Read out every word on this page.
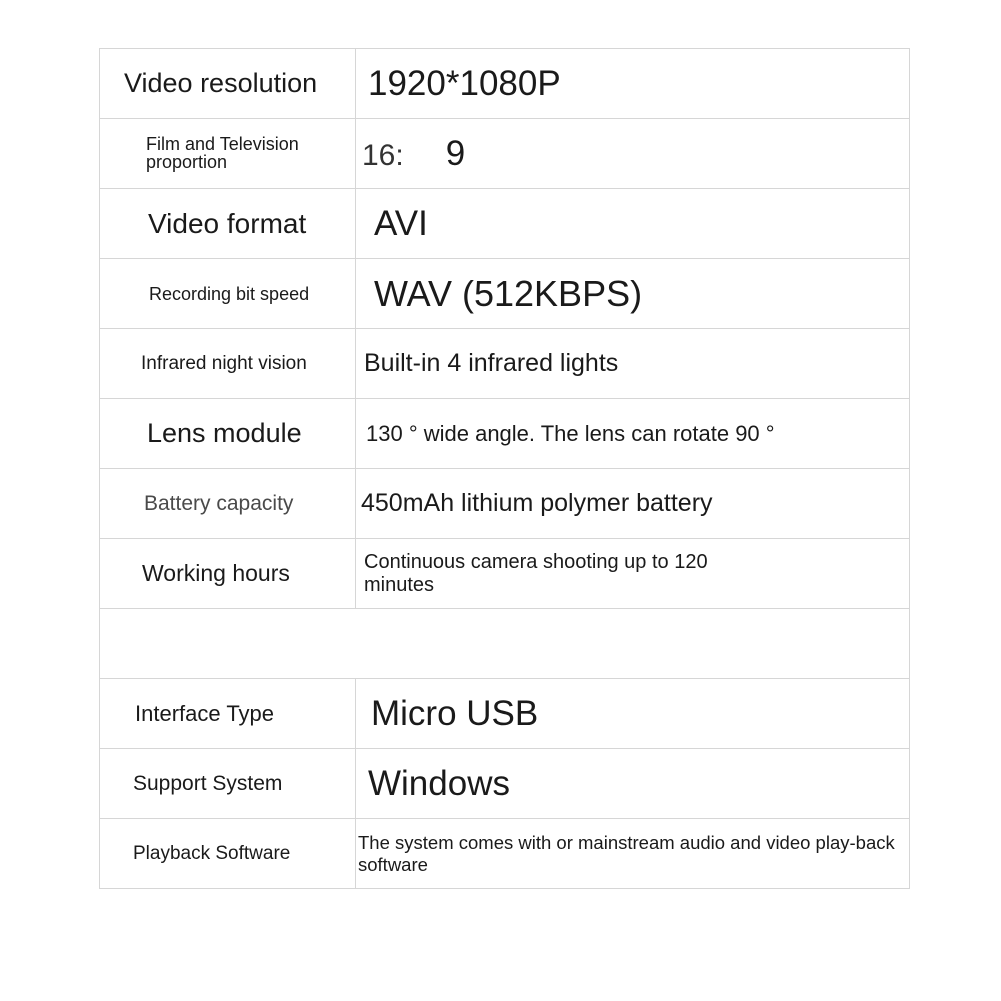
Video resolution	1920*1080P

Film and Television proportion	16: 9

Video format	AVI

Recording bit speed	WAV (512KBPS)

Infrared night vision	Built-in 4 infrared lights

Lens module	130 ° wide angle. The lens can rotate 90 °

Battery capacity	450mAh lithium polymer battery

Working hours	Continuous camera shooting up to 120 minutes

Interface Type	Micro USB

Support System	Windows

Playback Software	The system comes with or mainstream audio and video play-back software
